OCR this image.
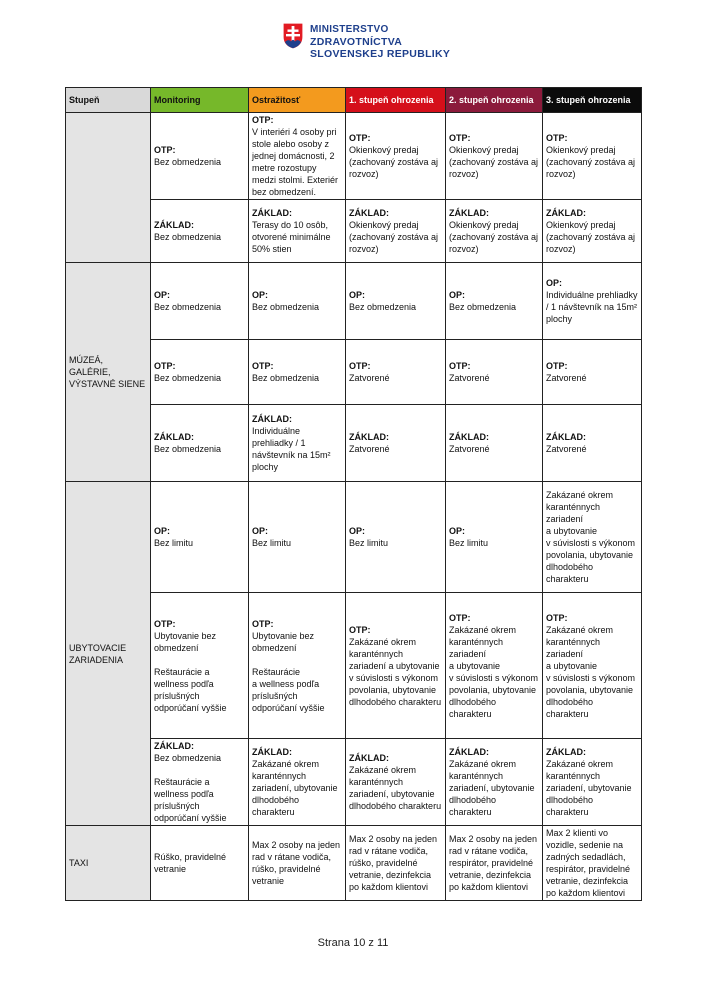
MINISTERSTVO
ZDRAVOTNÍCTVA
SLOVENSKEJ REPUBLIKY
Stupeň	Monitoring	Ostražitosť	1. stupeň ohrozenia	2. stupeň ohrozenia	3. stupeň ohrozenia

	OTP:
Bez obmedzenia	OTP:
V interiéri 4 osoby pri stole alebo osoby z jednej domácnosti, 2 metre rozostupy medzi stolmi. Exteriér bez obmedzení.	OTP:
Okienkový predaj (zachovaný zostáva aj rozvoz)	OTP:
Okienkový predaj (zachovaný zostáva aj rozvoz)	OTP:
Okienkový predaj (zachovaný zostáva aj rozvoz)

	ZÁKLAD:
Bez obmedzenia	ZÁKLAD:
Terasy do 10 osôb, otvorené minimálne 50% stien	ZÁKLAD:
Okienkový predaj (zachovaný zostáva aj rozvoz)	ZÁKLAD:
Okienkový predaj (zachovaný zostáva aj rozvoz)	ZÁKLAD:
Okienkový predaj (zachovaný zostáva aj rozvoz)

MÚZEÁ, GALÉRIE, VÝSTAVNÉ SIENE	OP:
Bez obmedzenia	OP:
Bez obmedzenia	OP:
Bez obmedzenia	OP:
Bez obmedzenia	OP:
Individuálne prehliadky / 1 návštevník na 15m²
plochy

	OTP:
Bez obmedzenia	OTP:
Bez obmedzenia	OTP:
Zatvorené	OTP:
Zatvorené	OTP:
Zatvorené

	ZÁKLAD:
Bez obmedzenia	ZÁKLAD:
Individuálne prehliadky / 1 návštevník na 15m²
plochy	ZÁKLAD:
Zatvorené	ZÁKLAD:
Zatvorené	ZÁKLAD:
Zatvorené

UBYTOVACIE ZARIADENIA	OP:
Bez limitu	OP:
Bez limitu	OP:
Bez limitu	OP:
Bez limitu	Zakázané okrem karanténnych zariadení
a ubytovanie
v súvislosti s výkonom povolania, ubytovanie dlhodobého charakteru

	OTP:
Ubytovanie bez obmedzení
Reštaurácie a wellness podľa príslušných odporúčaní vyššie	OTP:
Ubytovanie bez obmedzení
Reštaurácie
a wellness podľa príslušných odporúčaní vyššie	OTP:
Zakázané okrem karanténnych zariadení a ubytovanie v súvislosti s výkonom povolania, ubytovanie dlhodobého charakteru	OTP:
Zakázané okrem karanténnych zariadení
a ubytovanie
v súvislosti s výkonom povolania, ubytovanie dlhodobého charakteru	OTP:
Zakázané okrem karanténnych zariadení
a ubytovanie
v súvislosti s výkonom povolania, ubytovanie dlhodobého charakteru

	ZÁKLAD:
Bez obmedzenia
Reštaurácie a wellness podľa príslušných odporúčaní vyššie	ZÁKLAD:
Zakázané okrem karanténnych zariadení, ubytovanie dlhodobého charakteru	ZÁKLAD:
Zakázané okrem karanténnych zariadení, ubytovanie dlhodobého charakteru	ZÁKLAD:
Zakázané okrem karanténnych zariadení, ubytovanie dlhodobého charakteru	ZÁKLAD:
Zakázané okrem karanténnych zariadení, ubytovanie dlhodobého charakteru

TAXI	Rúško, pravidelné vetranie	Max 2 osoby na jeden rad v rátane vodiča, rúško, pravidelné vetranie	Max 2 osoby na jeden rad v rátane vodiča, rúško, pravidelné vetranie, dezinfekcia po každom klientovi	Max 2 osoby na jeden rad v rátane vodiča, respirátor, pravidelné vetranie, dezinfekcia po každom klientovi	Max 2 klienti vo vozidle, sedenie na zadných sedadlách, respirátor, pravidelné vetranie, dezinfekcia po každom klientovi
Strana 10 z 11
